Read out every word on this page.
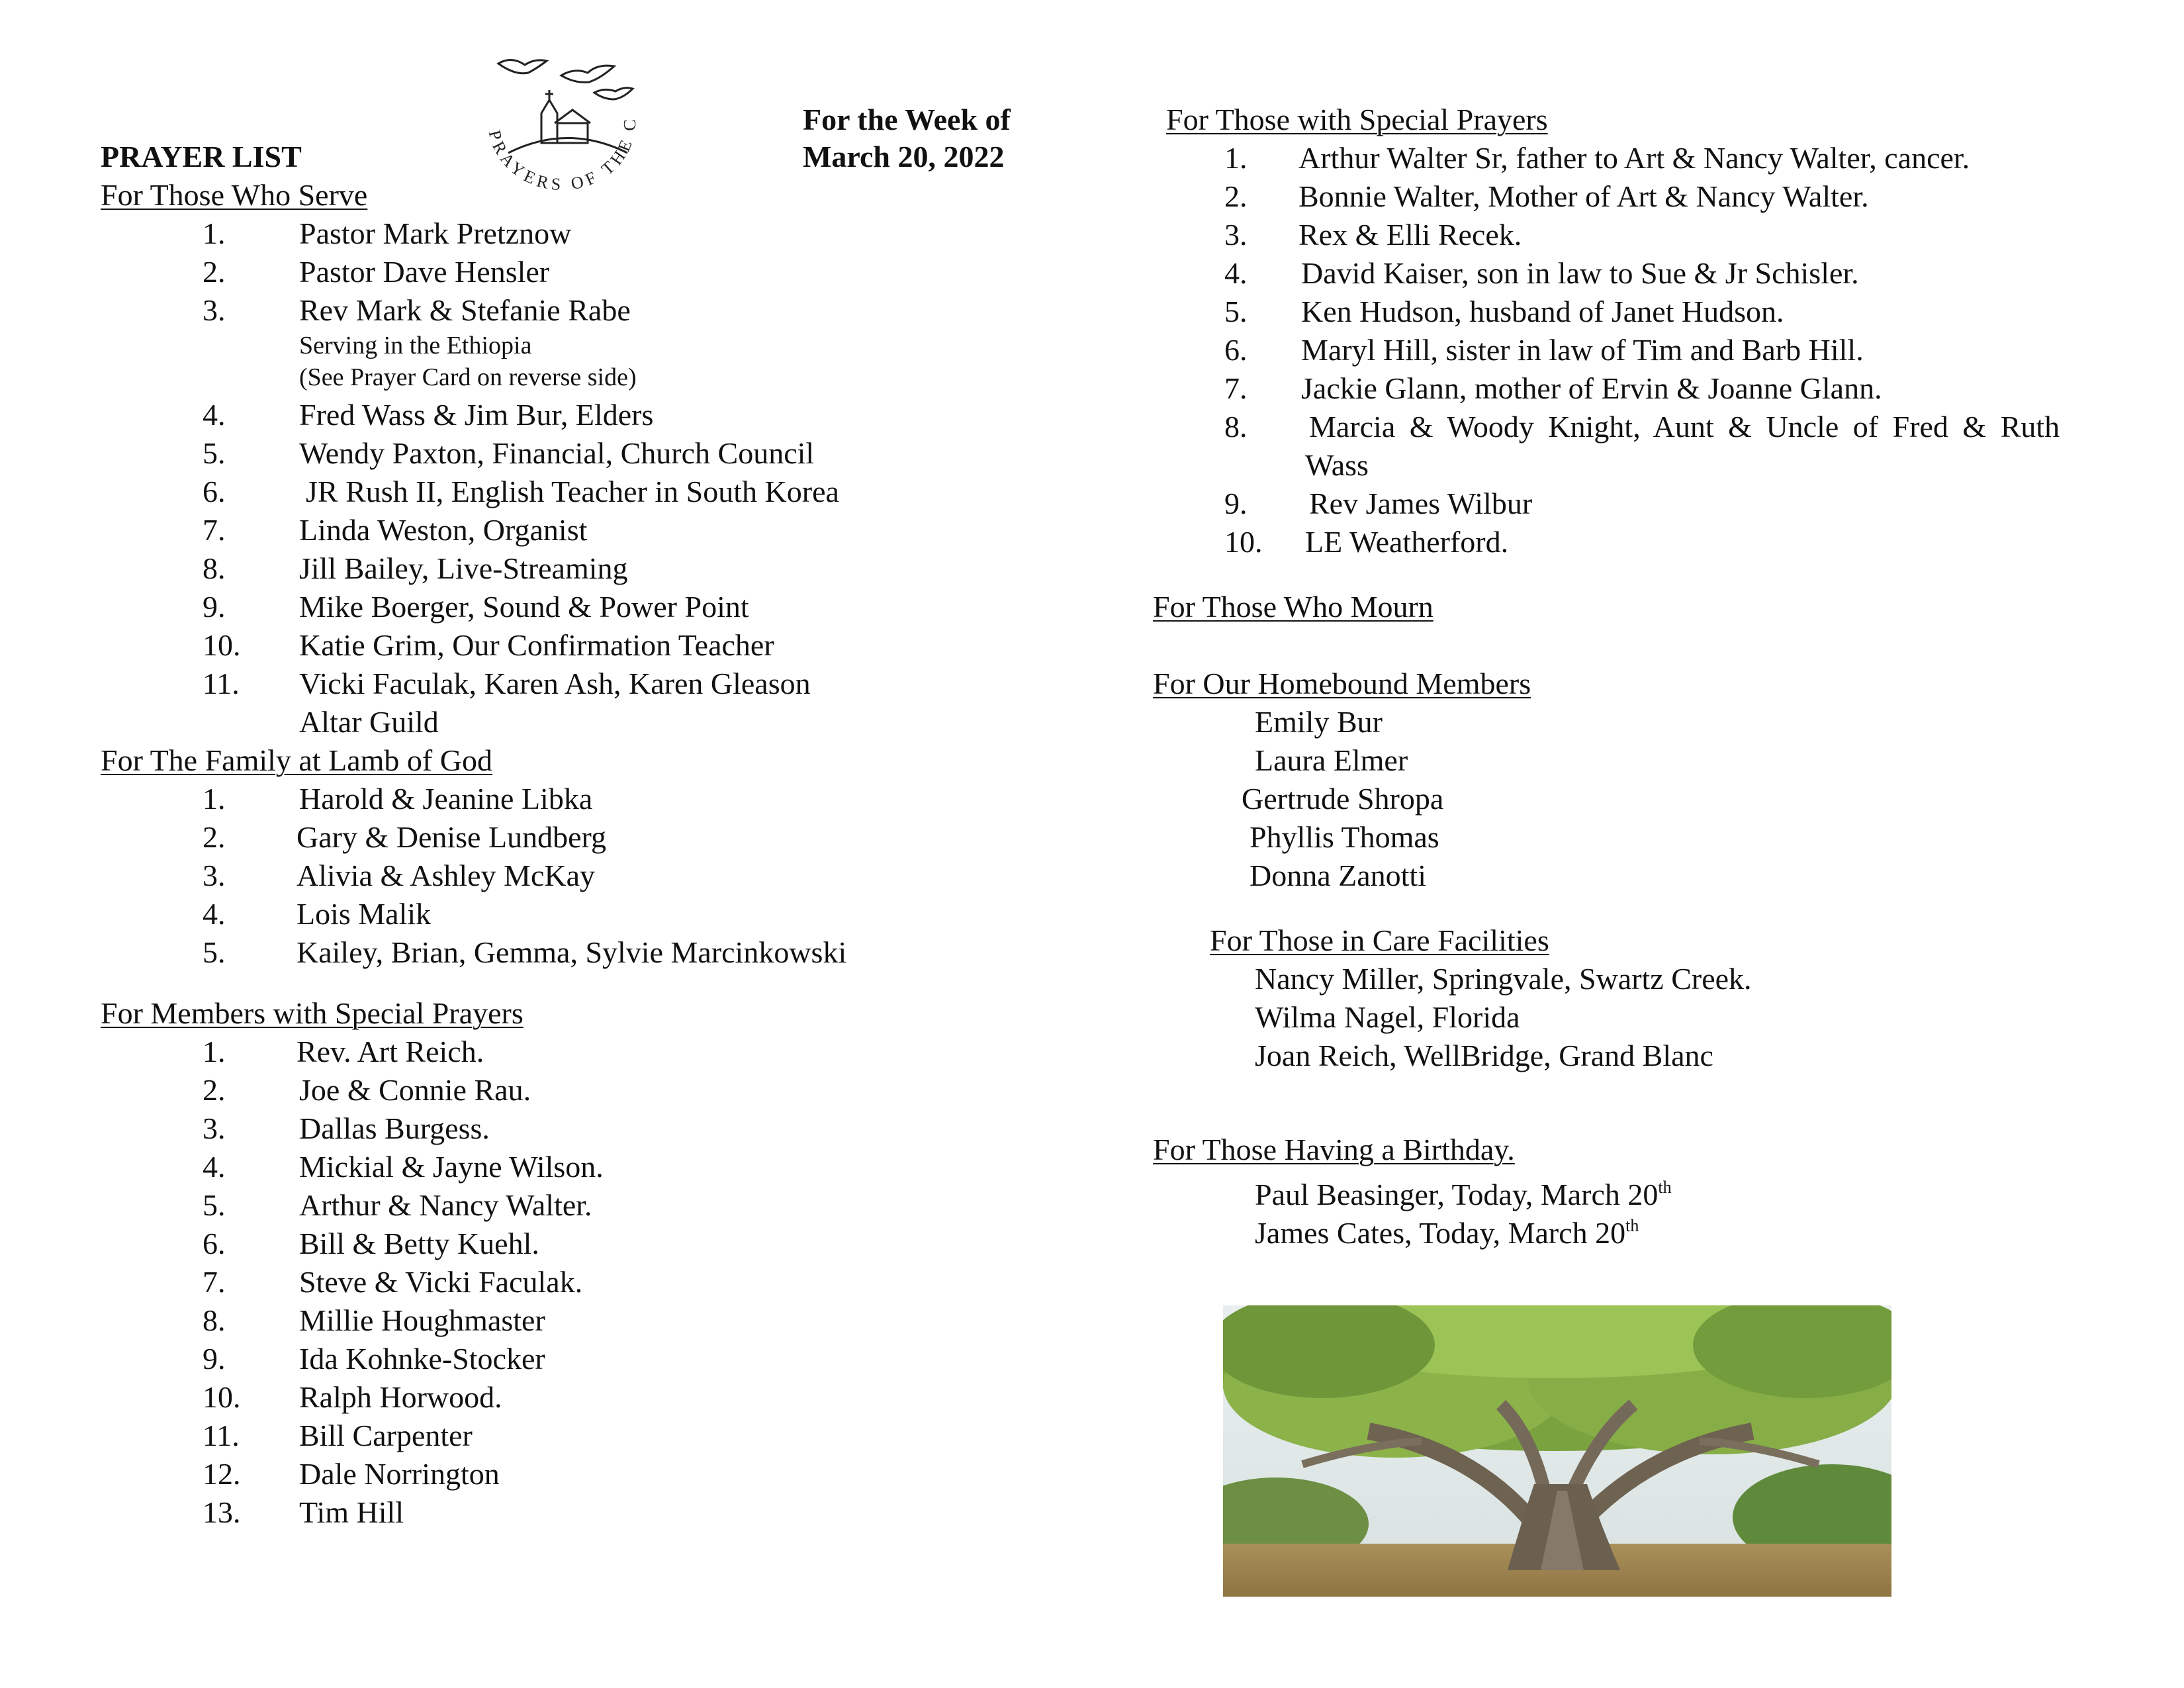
PRAYER LIST
For the Week of
March 20, 2022
PRAYERS OF THE C
For Those Who Serve
1. Pastor Mark Pretznow
2. Pastor Dave Hensler
3. Rev Mark & Stefanie Rabe
Serving in the Ethiopia
(See Prayer Card on reverse side)
4. Fred Wass & Jim Bur, Elders
5. Wendy Paxton, Financial, Church Council
6.	JR Rush II, English Teacher in South Korea
7. Linda Weston, Organist
8. Jill Bailey, Live-Streaming
9. Mike Boerger, Sound & Power Point
10. Katie Grim, Our Confirmation Teacher
11. Vicki Faculak, Karen Ash, Karen Gleason
Altar Guild
For The Family at Lamb of God
1. Harold & Jeanine Libka
2. Gary & Denise Lundberg
3. Alivia & Ashley McKay
4. Lois Malik
5. Kailey, Brian, Gemma, Sylvie Marcinkowski
For Members with Special Prayers
1. Rev. Art Reich.
2. Joe & Connie Rau.
3. Dallas Burgess.
4. Mickial & Jayne Wilson.
5. Arthur & Nancy Walter.
6. Bill & Betty Kuehl.
7. Steve & Vicki Faculak.
8. Millie Houghmaster
9. Ida Kohnke-Stocker
10. Ralph Horwood.
11. Bill Carpenter
12. Dale Norrington
13. Tim Hill
For Those with Special Prayers
1. Arthur Walter Sr, father to Art & Nancy Walter, cancer.
2. Bonnie Walter, Mother of Art & Nancy Walter.
3. Rex & Elli Recek.
4. David Kaiser, son in law to Sue & Jr Schisler.
5. Ken Hudson, husband of Janet Hudson.
6. Maryl Hill, sister in law of Tim and Barb Hill.
7. Jackie Glann, mother of Ervin & Joanne Glann.
8. Marcia & Woody Knight, Aunt & Uncle of Fred & Ruth
Wass
9. Rev James Wilbur
10. LE Weatherford.
For Those Who Mourn
For Our Homebound Members
Emily Bur
Laura Elmer
Gertrude Shropa
Phyllis Thomas
Donna Zanotti
For Those in Care Facilities
Nancy Miller, Springvale, Swartz Creek.
Wilma Nagel, Florida
Joan Reich, WellBridge, Grand Blanc
For Those Having a Birthday.
Paul Beasinger, Today, March 20th
James Cates, Today, March 20th
